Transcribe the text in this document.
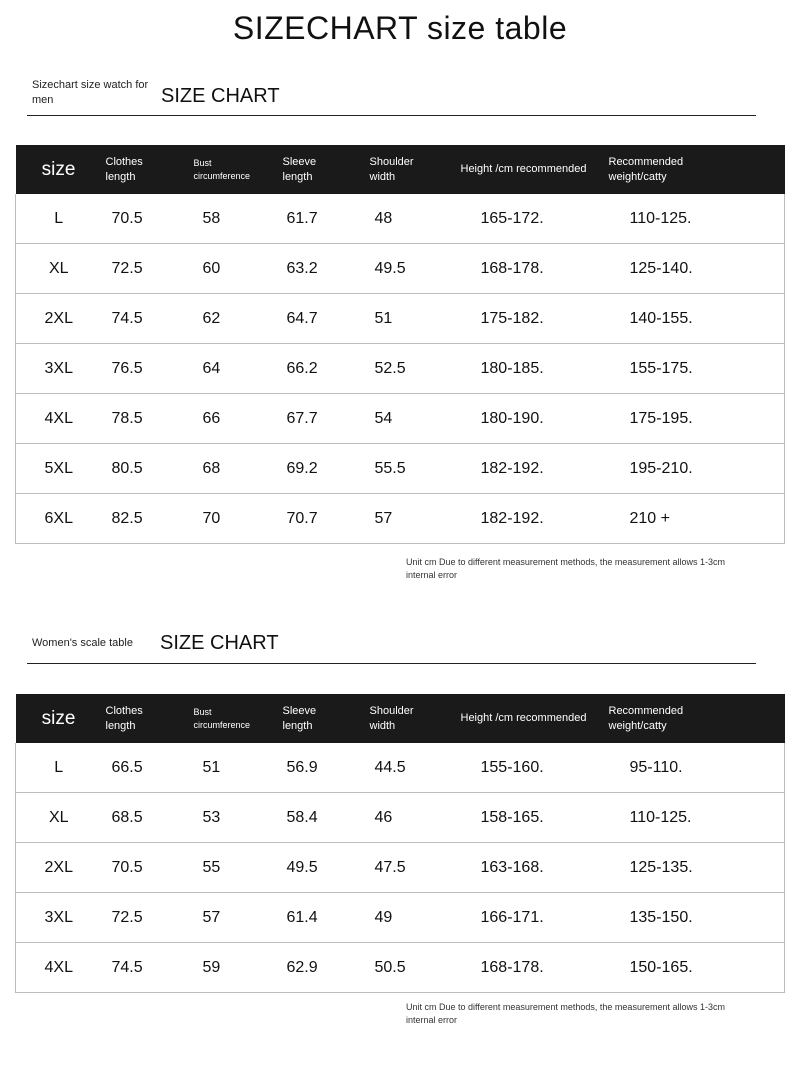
SIZECHART size table
Sizechart size watch for men	SIZE CHART
size	Clothes length	Bust circumference	Sleeve length	Shoulder width	Height /cm recommended	Recommended weight/catty
L	70.5	58	61.7	48	165-172.	110-125.
XL	72.5	60	63.2	49.5	168-178.	125-140.
2XL	74.5	62	64.7	51	175-182.	140-155.
3XL	76.5	64	66.2	52.5	180-185.	155-175.
4XL	78.5	66	67.7	54	180-190.	175-195.
5XL	80.5	68	69.2	55.5	182-192.	195-210.
6XL	82.5	70	70.7	57	182-192.	210 +
Unit cm Due to different measurement methods, the measurement allows 1-3cm internal error
Women's scale table SIZE CHART
size	Clothes length	Bust circumference	Sleeve length	Shoulder width	Height /cm recommended	Recommended weight/catty
L	66.5	51	56.9	44.5	155-160.	95-110.
XL	68.5	53	58.4	46	158-165.	110-125.
2XL	70.5	55	49.5	47.5	163-168.	125-135.
3XL	72.5	57	61.4	49	166-171.	135-150.
4XL	74.5	59	62.9	50.5	168-178.	150-165.
Unit cm Due to different measurement methods, the measurement allows 1-3cm internal error
